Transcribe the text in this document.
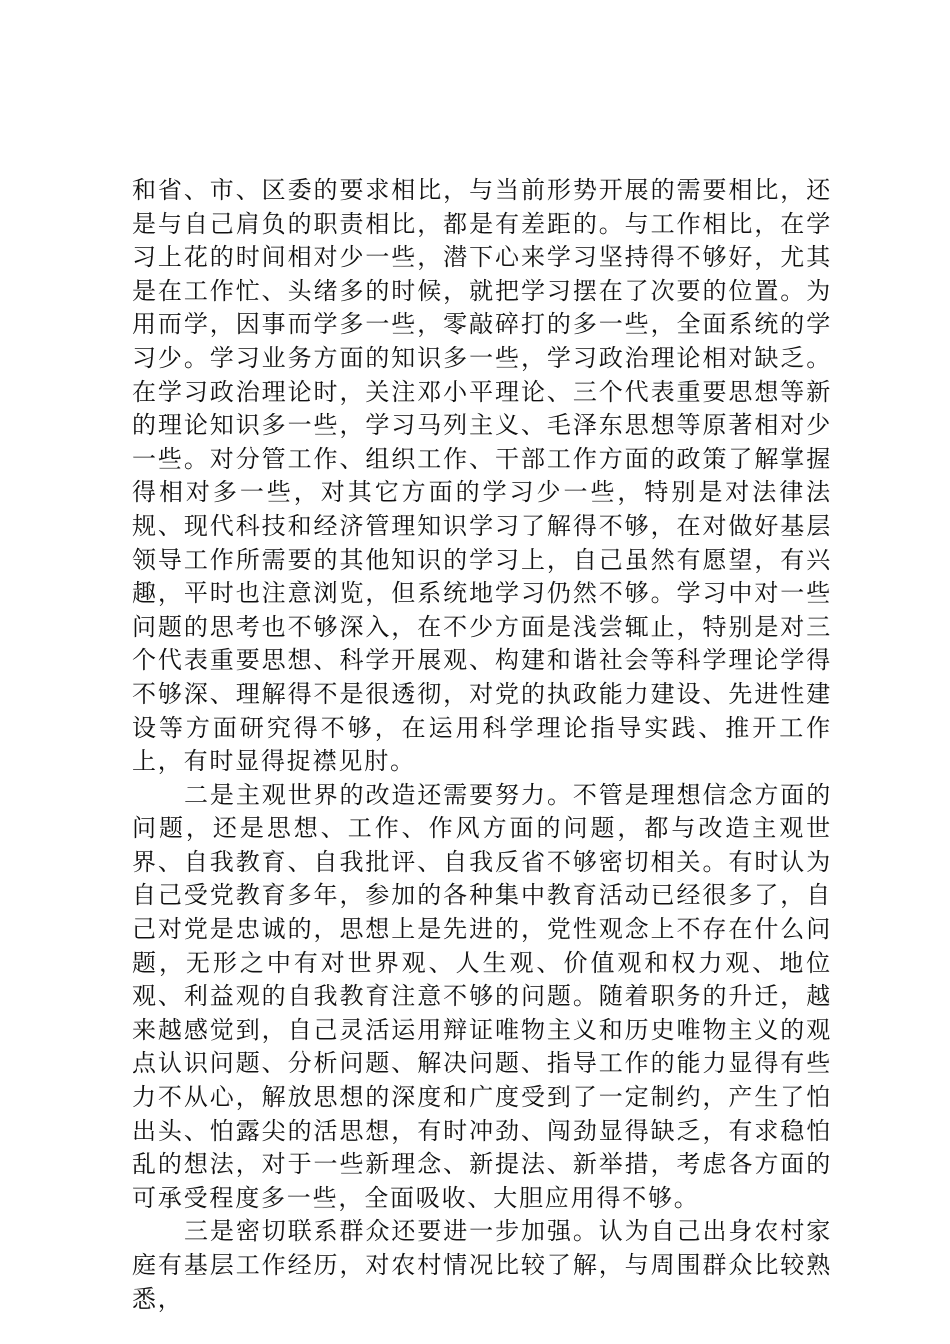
和省、市、区委的要求相比，与当前形势开展的需要相比，还是与自己肩负的职责相比，都是有差距的。与工作相比，在学习上花的时间相对少一些，潜下心来学习坚持得不够好，尤其是在工作忙、头绪多的时候，就把学习摆在了次要的位置。为用而学，因事而学多一些，零敲碎打的多一些，全面系统的学习少。学习业务方面的知识多一些，学习政治理论相对缺乏。在学习政治理论时，关注邓小平理论、三个代表重要思想等新的理论知识多一些，学习马列主义、毛泽东思想等原著相对少一些。对分管工作、组织工作、干部工作方面的政策了解掌握得相对多一些，对其它方面的学习少一些，特别是对法律法规、现代科技和经济管理知识学习了解得不够，在对做好基层领导工作所需要的其他知识的学习上，自己虽然有愿望，有兴趣，平时也注意浏览，但系统地学习仍然不够。学习中对一些问题的思考也不够深入，在不少方面是浅尝辄止，特别是对三个代表重要思想、科学开展观、构建和谐社会等科学理论学得不够深、理解得不是很透彻，对党的执政能力建设、先进性建设等方面研究得不够，在运用科学理论指导实践、推开工作上，有时显得捉襟见肘。

二是主观世界的改造还需要努力。不管是理想信念方面的问题，还是思想、工作、作风方面的问题，都与改造主观世界、自我教育、自我批评、自我反省不够密切相关。有时认为自己受党教育多年，参加的各种集中教育活动已经很多了，自己对党是忠诚的，思想上是先进的，党性观念上不存在什么问题，无形之中有对世界观、人生观、价值观和权力观、地位观、利益观的自我教育注意不够的问题。随着职务的升迁，越来越感觉到，自己灵活运用辩证唯物主义和历史唯物主义的观点认识问题、分析问题、解决问题、指导工作的能力显得有些力不从心，解放思想的深度和广度受到了一定制约，产生了怕出头、怕露尖的活思想，有时冲劲、闯劲显得缺乏，有求稳怕乱的想法，对于一些新理念、新提法、新举措，考虑各方面的可承受程度多一些，全面吸收、大胆应用得不够。

三是密切联系群众还要进一步加强。认为自己出身农村家庭有基层工作经历，对农村情况比较了解，与周围群众比较熟悉，
